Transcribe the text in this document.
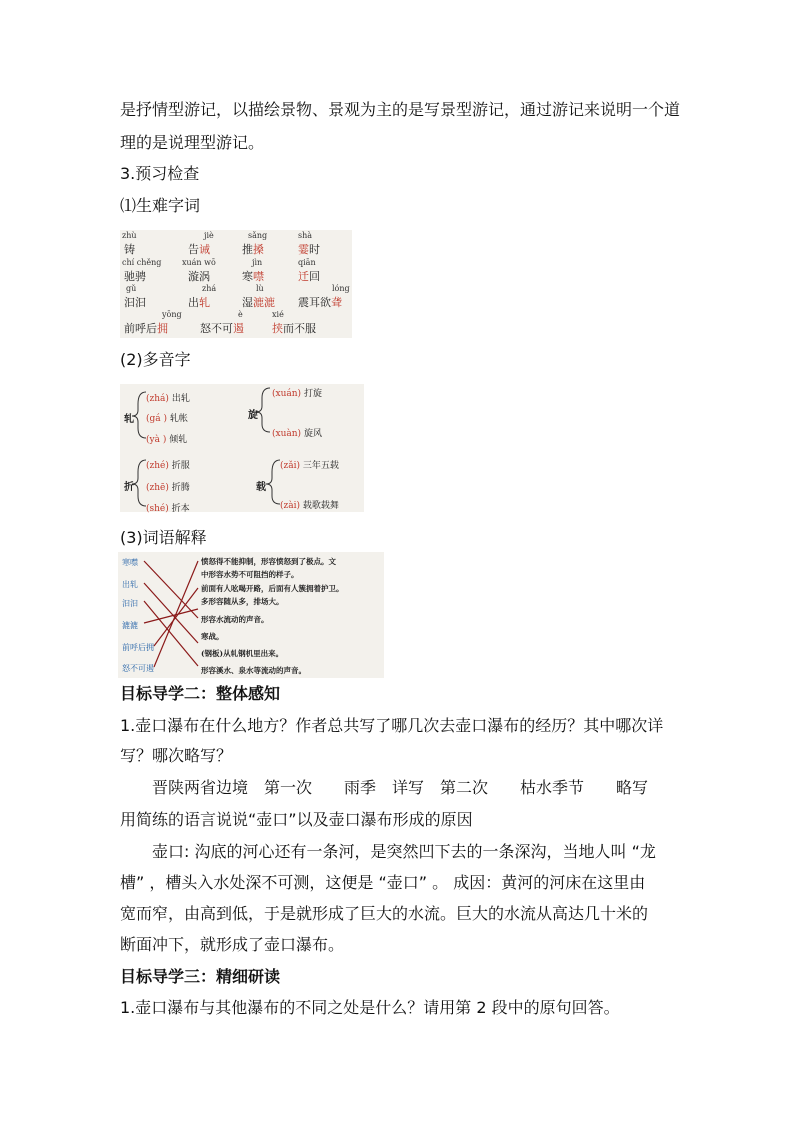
是抒情型游记，以描绘景物、景观为主的是写景型游记，通过游记来说明一个道
理的是说理型游记。
3.预习检查
⑴生难字词
zhù
铸
jiè
告诫
sǎng
推搡
shà
霎时
chí chěng
驰骋
xuán wō
漩涡
jìn
寒噤
qiān
迁回
gǔ
汩汩
zhá
出轧
lù
湿漉漉
lóng
震耳欲聋
yōng
前呼后拥
è
怒不可遏
xié
挟而不服
(2)多音字
轧
(zhá) 出轧
(gá ) 轧帐
(yà ) 倾轧
旋
(xuán) 打旋
(xuàn) 旋风
折
(zhé) 折服
(zhē) 折腾
(shé) 折本
载
(zǎi) 三年五载
(zài) 载歌载舞
(3)词语解释
寒噤
出轧
汩汩
漉漉
前呼后拥
怒不可遏
愤怒得不能抑制，形容愤怒到了极点。文
中形容水势不可阻挡的样子。
前面有人吆喝开路，后面有人簇拥着护卫。
多形容随从多，排场大。
形容水流动的声音。
寒战。
(钢板)从轧钢机里出来。
形容溪水、泉水等流动的声音。
目标导学二：整体感知
1.壶口瀑布在什么地方？作者总共写了哪几次去壶口瀑布的经历？其中哪次详
写？哪次略写？
晋陕两省边境　第一次　　雨季　详写　第二次　　枯水季节　　略写
用简练的语言说说“壶口”以及壶口瀑布形成的原因
壶口: 沟底的河心还有一条河，是突然凹下去的一条深沟，当地人叫 “龙
槽” ，槽头入水处深不可测，这便是 “壶口” 。 成因：黄河的河床在这里由
宽而窄，由高到低，于是就形成了巨大的水流。巨大的水流从高达几十米的
断面冲下，就形成了壶口瀑布。
目标导学三：精细研读
1.壶口瀑布与其他瀑布的不同之处是什么？请用第 2 段中的原句回答。
